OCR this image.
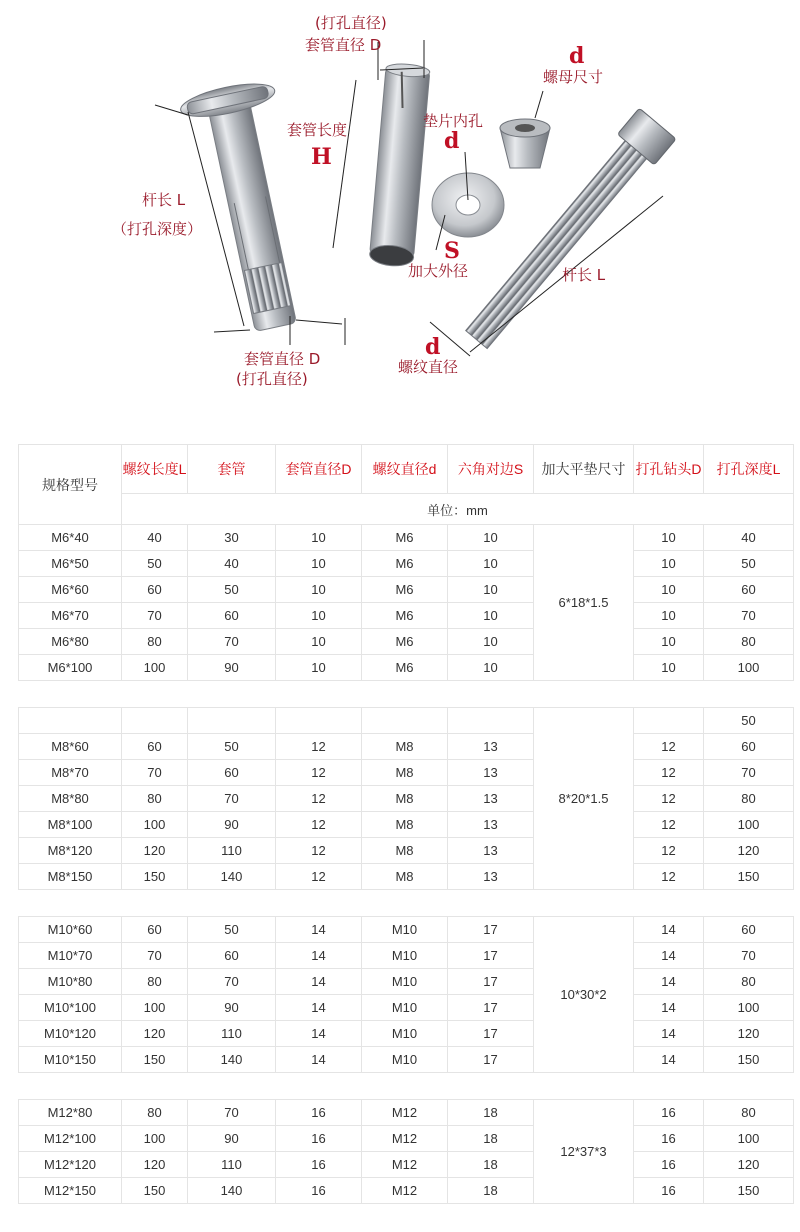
(打孔直径)
套管直径 D
套管长度
H
杆长 L
（打孔深度）
套管直径 D
(打孔直径)
垫片内孔
d
S
加大外径
d
螺母尺寸
杆长 L
d
螺纹直径
规格型号	螺纹长度L	套管	套管直径D	螺纹直径d	六角对边S	加大平垫尺寸	打孔钻头D	打孔深度L
	单位：mm							
M6*40	40	30	10	M6	10	6*18*1.5	10	40
M6*50	50	40	10	M6	10		10	50
M6*60	60	50	10	M6	10		10	60
M6*70	70	60	10	M6	10		10	70
M6*80	80	70	10	M6	10		10	80
M6*100	100	90	10	M6	10		10	100

						8*20*1.5		50
M8*60	60	50	12	M8	13		12	60
M8*70	70	60	12	M8	13		12	70
M8*80	80	70	12	M8	13		12	80
M8*100	100	90	12	M8	13		12	100
M8*120	120	110	12	M8	13		12	120
M8*150	150	140	12	M8	13		12	150

M10*60	60	50	14	M10	17	10*30*2	14	60
M10*70	70	60	14	M10	17		14	70
M10*80	80	70	14	M10	17		14	80
M10*100	100	90	14	M10	17		14	100
M10*120	120	110	14	M10	17		14	120
M10*150	150	140	14	M10	17		14	150

M12*80	80	70	16	M12	18	12*37*3	16	80
M12*100	100	90	16	M12	18		16	100
M12*120	120	110	16	M12	18		16	120
M12*150	150	140	16	M12	18		16	150
